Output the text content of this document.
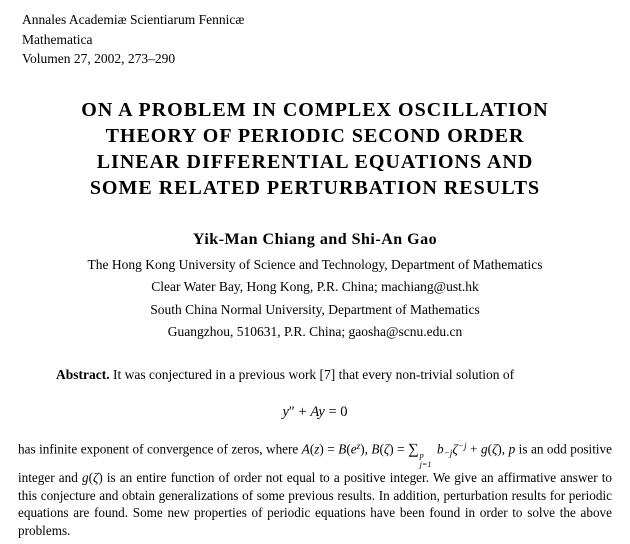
Annales Academiæ Scientiarum Fennicæ
Mathematica
Volumen 27, 2002, 273–290
ON A PROBLEM IN COMPLEX OSCILLATION
THEORY OF PERIODIC SECOND ORDER
LINEAR DIFFERENTIAL EQUATIONS AND
SOME RELATED PERTURBATION RESULTS
Yik-Man Chiang and Shi-An Gao
The Hong Kong University of Science and Technology, Department of Mathematics
Clear Water Bay, Hong Kong, P.R. China; machiang@ust.hk
South China Normal University, Department of Mathematics
Guangzhou, 510631, P.R. China; gaosha@scnu.edu.cn

Abstract. It was conjectured in a previous work [7] that every non-trivial solution of

y″ + Ay = 0

has infinite exponent of convergence of zeros, where $A(z) = B(e^z)$, B(ζ) = ∑ p
j=1
$b-j\zeta^{-j} + g(\zeta)$, p is an odd positive integer and g(ζ) is an entire function of order not equal to a positive integer. We give an affirmative answer to this conjecture and obtain generalizations of some previous results. In addition, perturbation results for periodic equations are found. Some new properties of periodic equations have been found in order to solve the above problems.
